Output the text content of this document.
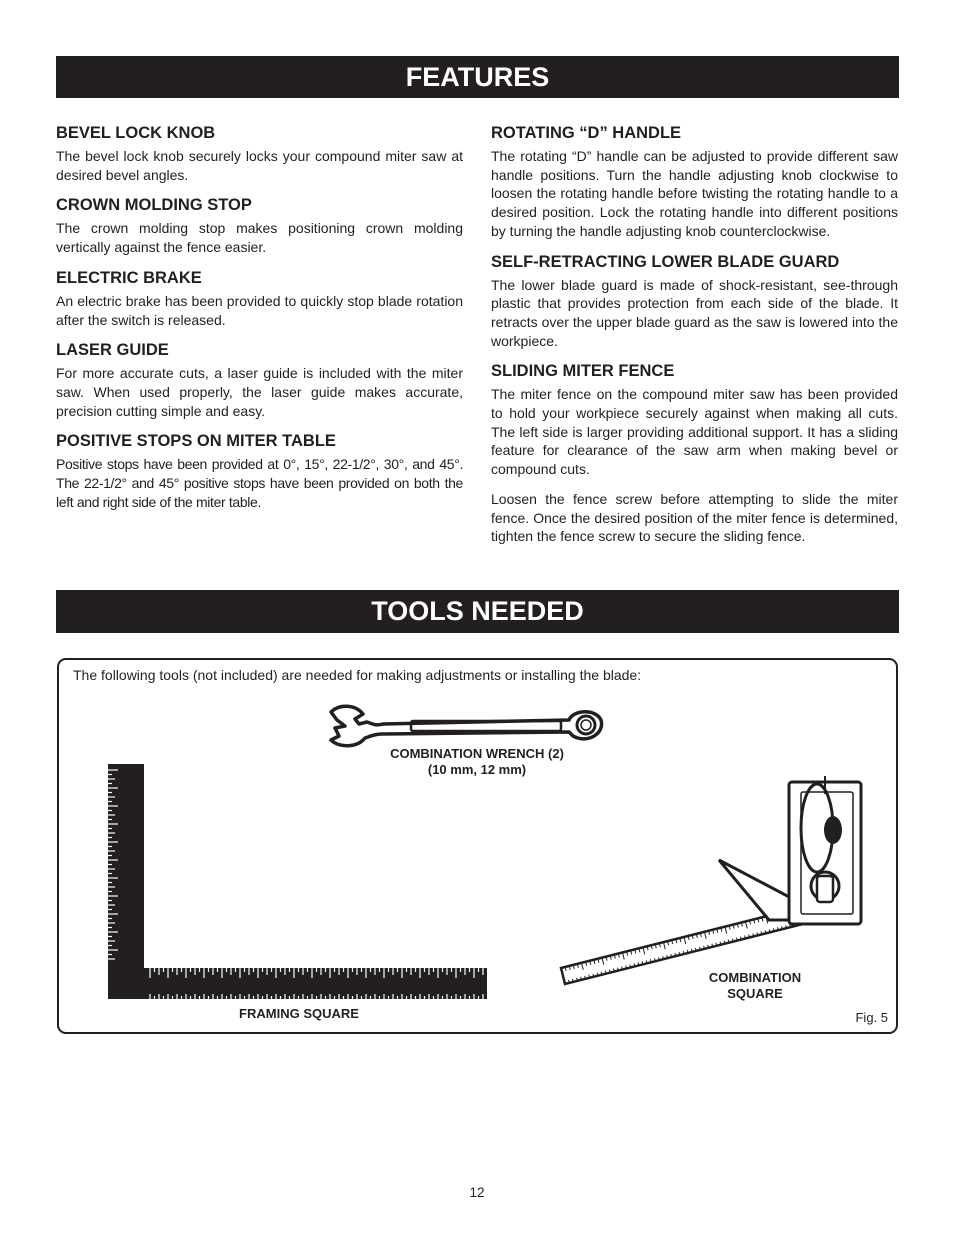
FEATURES
BEVEL LOCK KNOB

The bevel lock knob securely locks your compound miter saw at desired bevel angles.

CROWN MOLDING STOP

The crown molding stop makes positioning crown molding vertically against the fence easier.

ELECTRIC BRAKE

An electric brake has been provided to quickly stop blade rotation after the switch is released.

LASER GUIDE

For more accurate cuts, a laser guide is included with the miter saw. When used properly, the laser guide makes accurate, precision cutting simple and easy.

POSITIVE STOPS ON MITER TABLE

Positive stops have been provided at 0°, 15°, 22-1/2°, 30°, and 45°. The 22-1/2° and 45° positive stops have been provided on both the left and right side of the miter table.

ROTATING “D” HANDLE

The rotating “D” handle can be adjusted to provide different saw handle positions. Turn the handle adjusting knob clockwise to loosen the rotating handle before twisting the rotating handle to a desired position. Lock the rotating handle into different positions by turning the handle adjusting knob counterclockwise.

SELF-RETRACTING LOWER BLADE GUARD

The lower blade guard is made of shock-resistant, see-through plastic that provides protection from each side of the blade. It retracts over the upper blade guard as the saw is lowered into the workpiece.

SLIDING MITER FENCE

The miter fence on the compound miter saw has been provided to hold your workpiece securely against when making all cuts. The left side is larger providing additional support. It has a sliding feature for clearance of the saw arm when making bevel or compound cuts.

Loosen the fence screw before attempting to slide the miter fence. Once the desired position of the miter fence is determined, tighten the fence screw to secure the sliding fence.

TOOLS NEEDED
The following tools (not included) are needed for making adjustments or installing the blade:
COMBINATION WRENCH (2)
(10 mm, 12 mm)
FRAMING SQUARE
COMBINATION
SQUARE
Fig. 5
12
